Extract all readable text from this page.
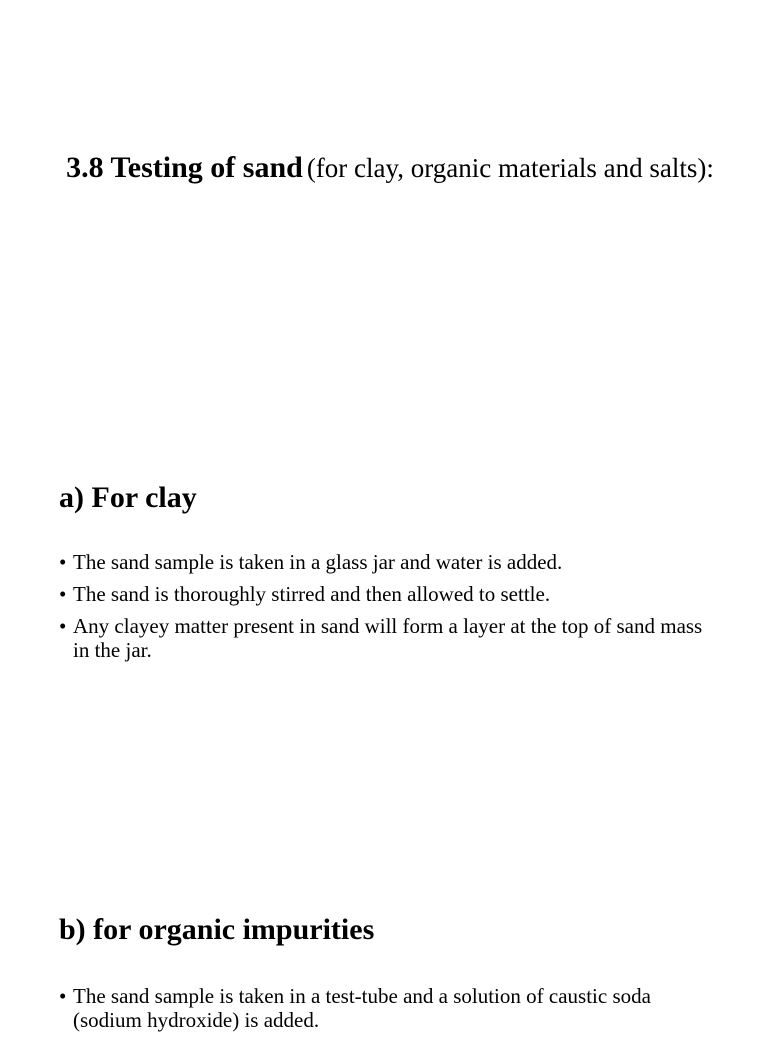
3.8 Testing of sand (for clay, organic materials and salts):
a) For clay
• The sand sample is taken in a glass jar and water is added.
• The sand is thoroughly stirred and then allowed to settle.
• Any clayey matter present in sand will form a layer at the top of sand mass in the jar.
b) for organic impurities
• The sand sample is taken in a test-tube and a solution of caustic soda (sodium hydroxide) is added.
